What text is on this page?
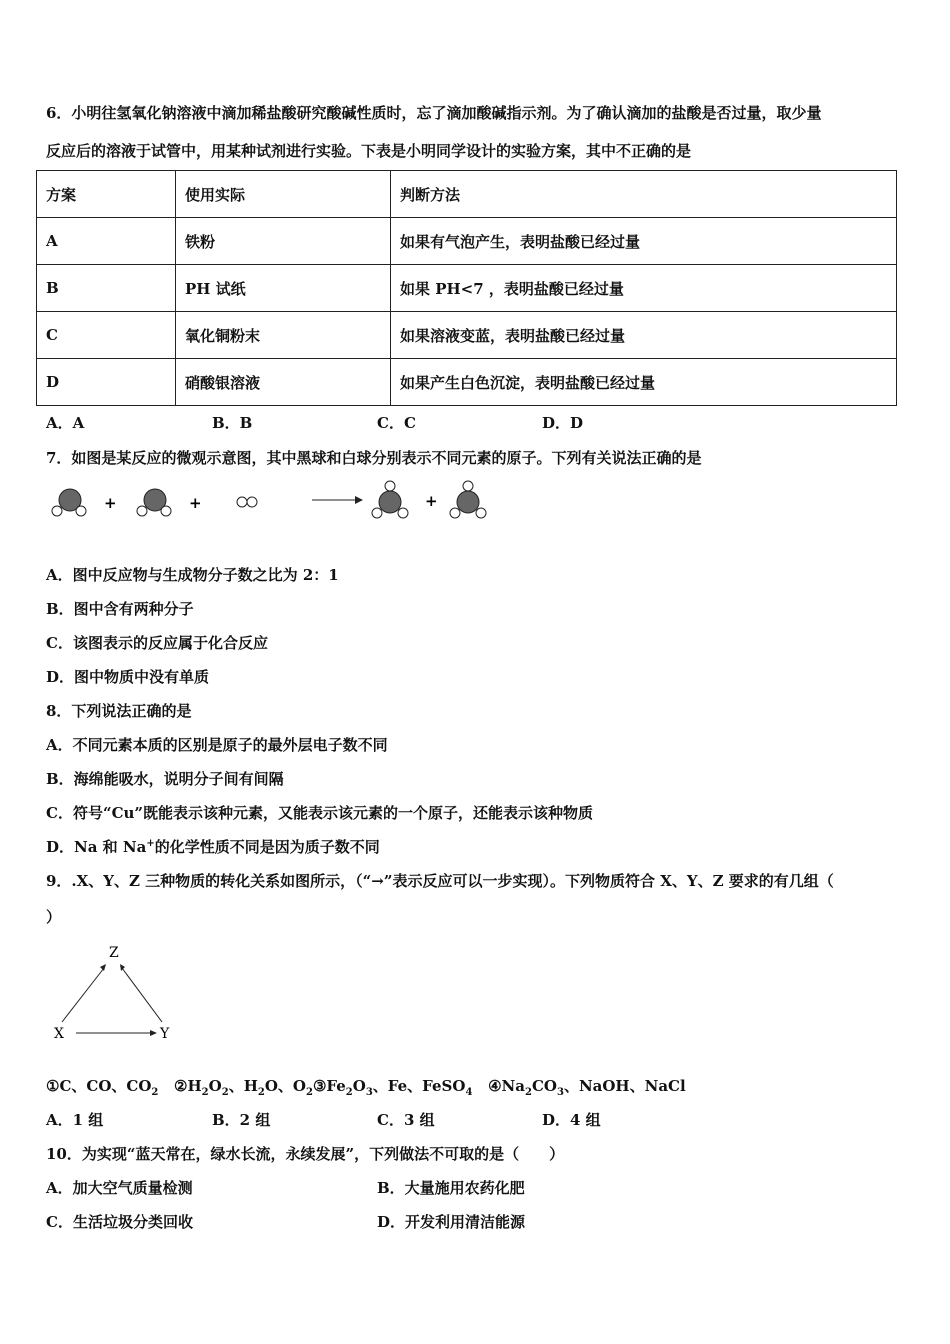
6．小明往氢氧化钠溶液中滴加稀盐酸研究酸碱性质时，忘了滴加酸碱指示剂。为了确认滴加的盐酸是否过量，取少量
反应后的溶液于试管中，用某种试剂进行实验。下表是小明同学设计的实验方案，其中不正确的是
方案	使用实际	判断方法
A	铁粉	如果有气泡产生，表明盐酸已经过量
B	PH 试纸	如果 PH<7 ，表明盐酸已经过量
C	氧化铜粉末	如果溶液变蓝，表明盐酸已经过量
D	硝酸银溶液	如果产生白色沉淀，表明盐酸已经过量
A．A	B．B	C．C	D．D
7．如图是某反应的微观示意图，其中黑球和白球分别表示不同元素的原子。下列有关说法正确的是
+	+	+
A．图中反应物与生成物分子数之比为 2：1
B．图中含有两种分子
C．该图表示的反应属于化合反应
D．图中物质中没有单质
8．下列说法正确的是
A．不同元素本质的区别是原子的最外层电子数不同
B．海绵能吸水，说明分子间有间隔
C．符号“Cu”既能表示该种元素，又能表示该元素的一个原子，还能表示该种物质
D．Na 和 Na+的化学性质不同是因为质子数不同
9．.X、Y、Z 三种物质的转化关系如图所示，（“→”表示反应可以一步实现）。下列物质符合 X、Y、Z 要求的有几组（
）
Z
X	Y
①C、CO、$CO_2$ $②H_2O_2$、$H_2O$、$O_2③Fe_2O_3$、Fe、FeSO$_4$ $④Na_2CO_3$、NaOH、NaCl
A．1 组	B．2 组	C．3 组	D．4 组
10．为实现“蓝天常在，绿水长流，永续发展”，下列做法不可取的是（　　）
A．加大空气质量检测	B．大量施用农药化肥
C．生活垃圾分类回收	D．开发利用清洁能源
